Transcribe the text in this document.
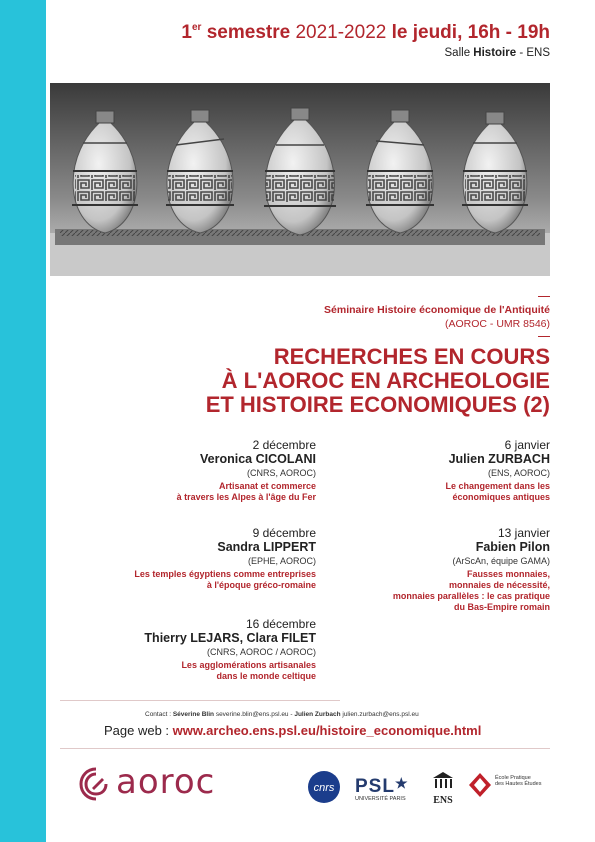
1er semestre 2021-2022 le jeudi, 16h - 19h
Salle Histoire - ENS
Séminaire Histoire économique de l'Antiquité
(AOROC - UMR 8546)
RECHERCHES EN COURS
À L'AOROC EN ARCHEOLOGIE
ET HISTOIRE ECONOMIQUES (2)
2 décembre
Veronica CICOLANI
(CNRS, AOROC)
Artisanat et commerce
à travers les Alpes à l'âge du Fer
9 décembre
Sandra LIPPERT
(EPHE, AOROC)
Les temples égyptiens comme entreprises
à l'époque gréco-romaine
16 décembre
Thierry LEJARS, Clara FILET
(CNRS, AOROC / AOROC)
Les agglomérations artisanales
dans le monde celtique
6 janvier
Julien ZURBACH
(ENS, AOROC)
Le changement dans les
économiques antiques
13 janvier
Fabien Pilon
(ArScAn, équipe GAMA)
Fausses monnaies,
monnaies de nécessité,
monnaies parallèles : le cas pratique
du Bas-Empire romain
Contact : Séverine Blin severine.blin@ens.psl.eu - Julien Zurbach julien.zurbach@ens.psl.eu
Page web : www.archeo.ens.psl.eu/histoire_economique.html
aoroc	cnrs PSL★
UNIVERSITÉ PARIS	ENS
École Pratique
des Hautes Études
